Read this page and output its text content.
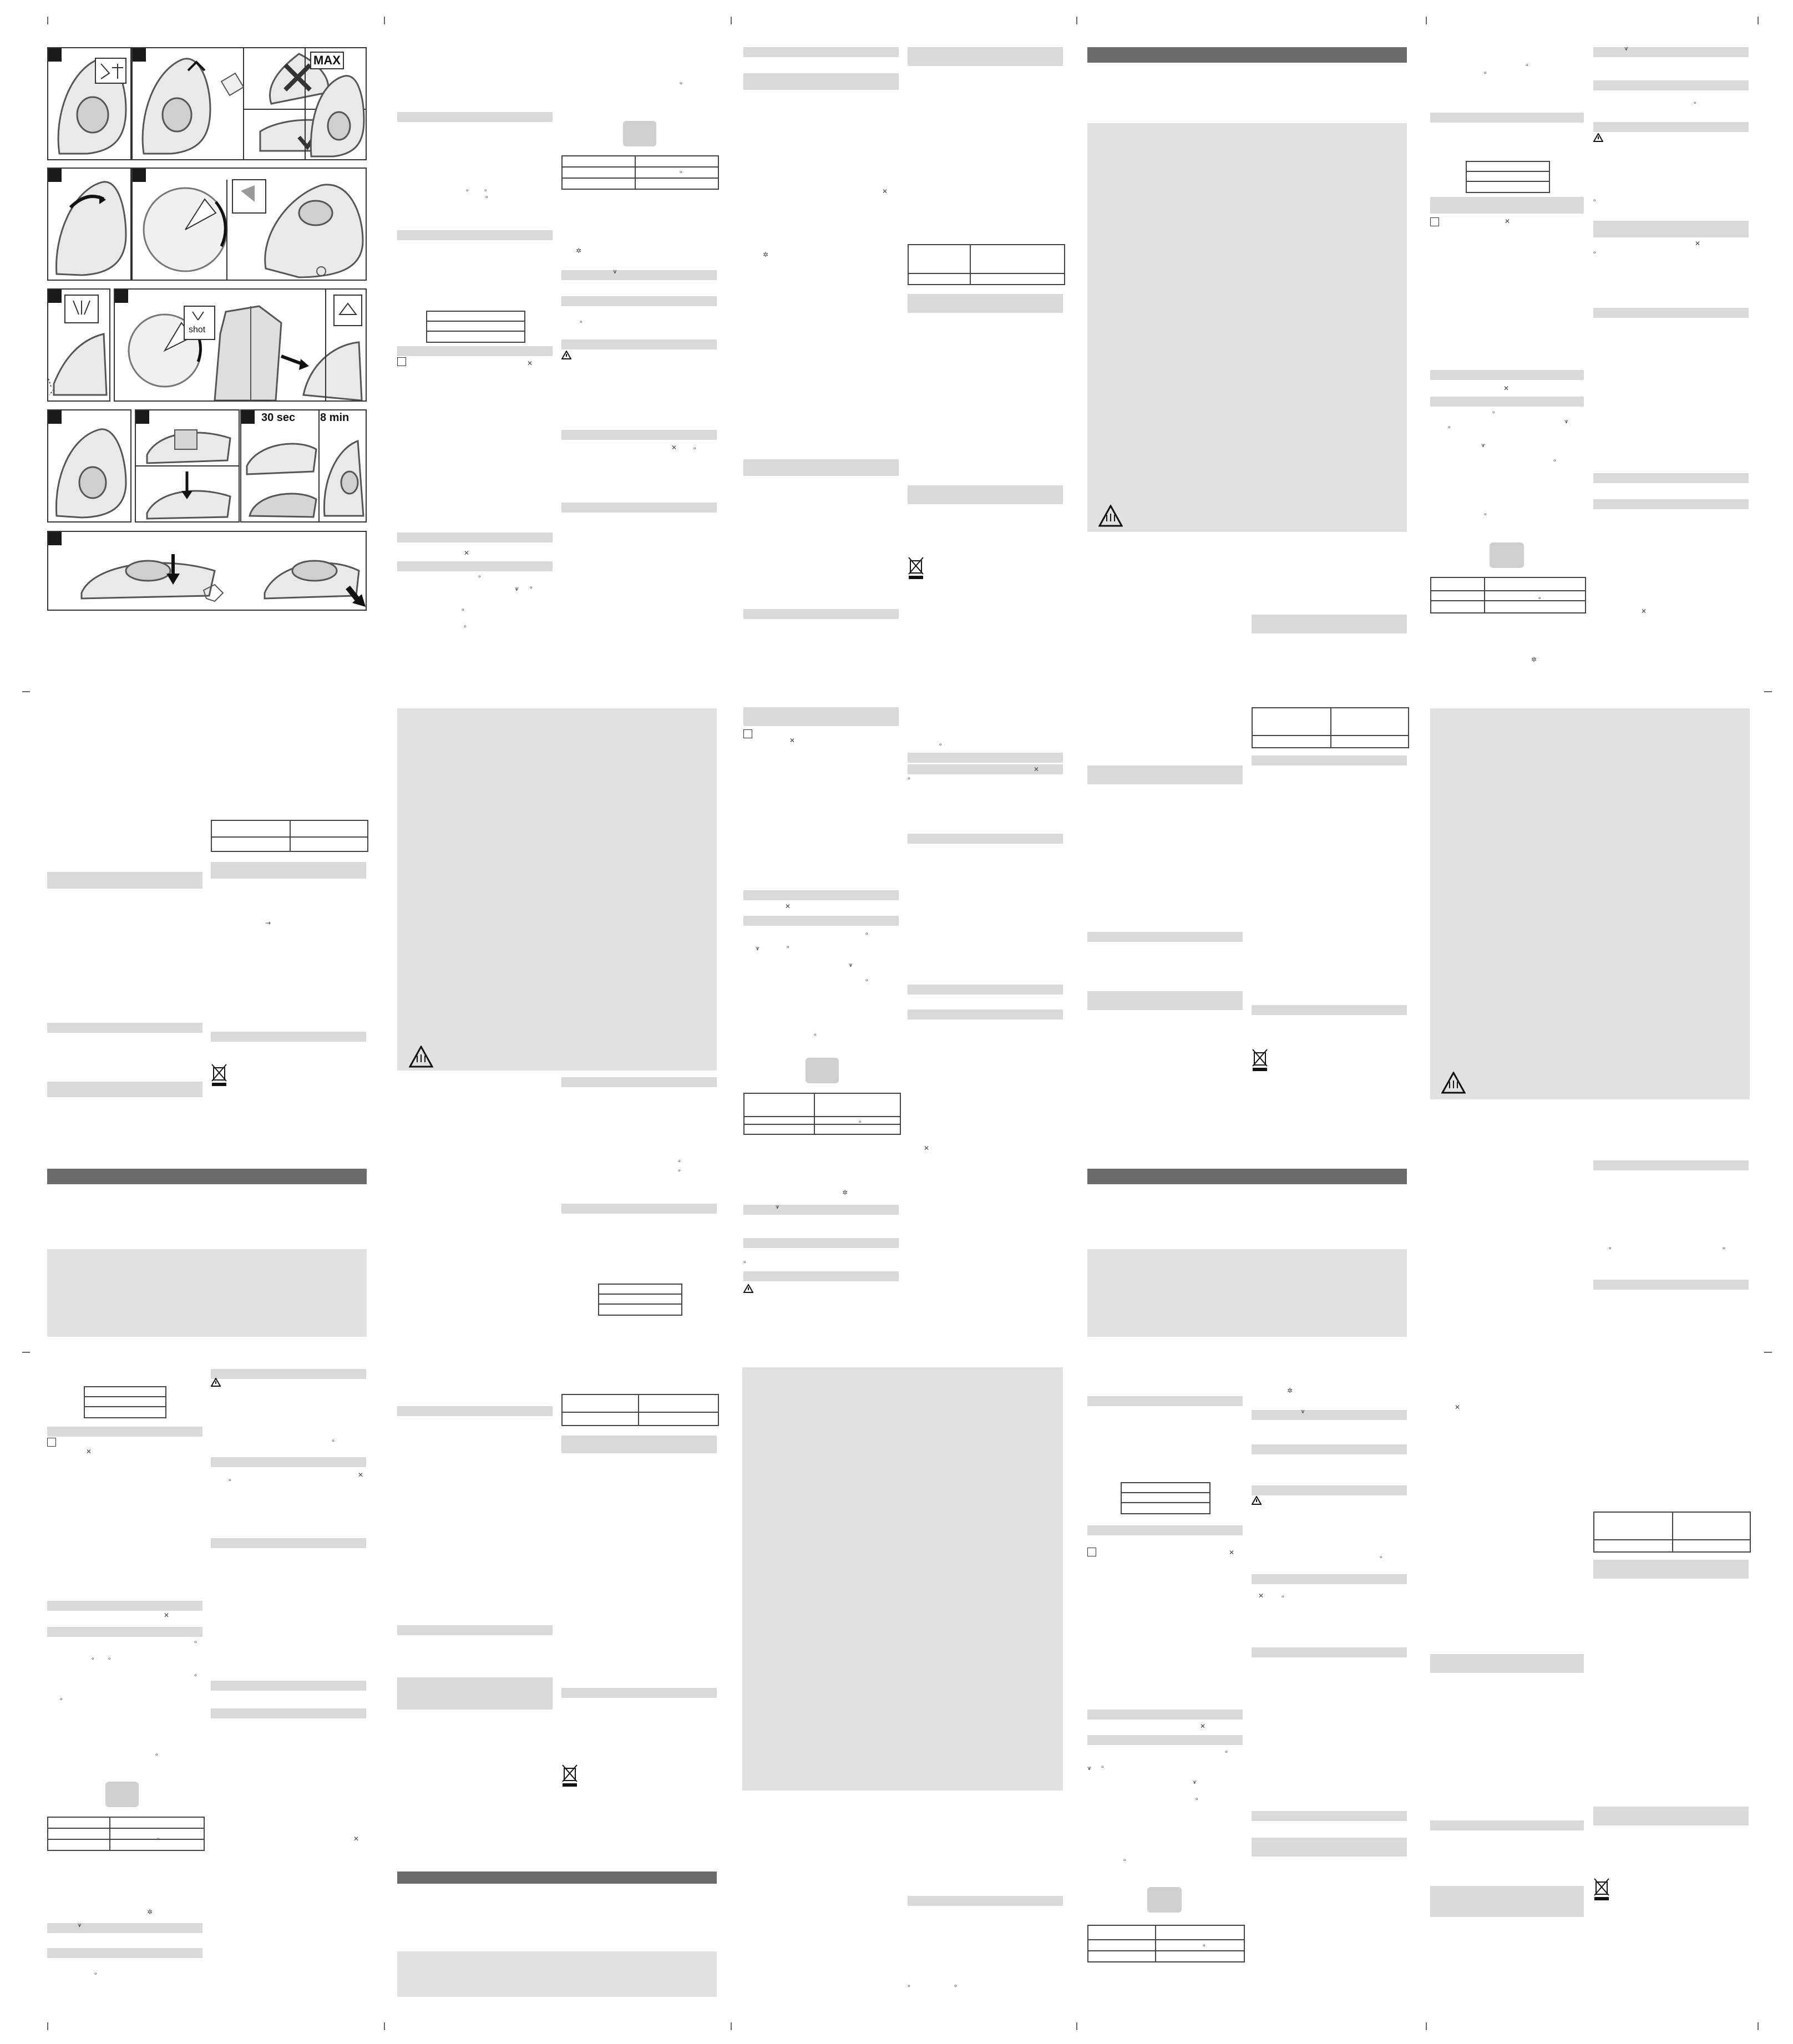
MAX
shot
30 sec 8 min
✕
✕
ᵒ
ᵒ ᵒ
ᵒ
ᵒ
ᵒ
ᵒ
✲
⩛
ᵒ
→
ᵒ
ᵒ
✕
✕
ᵒ ᵒ
ᵒ
✕
✕
ᵒ
⩛ ᵒ
ᵒ
ᵒ
ᵒ
ᵒ
✲
⩛
ᵒ
✕ ᵒ
ᵒ
ᵒ
✕
✲
✕
✕
ᵒ
⩛	ᵒ
⩛
ᵒ
ᵒ
ᵒ
✲
⩛
ᵒ
ᵒ
ᵒ
✕
✕
ᵒ	ᵒ
✕
✕
ᵒ
⩛ ᵒ
⩛
ᵒ
ᵒ
ᵒ
✲
⩛
ᵒ
✕	ᵒ
ᵒ
ᵒ
✕
✕
ᵒ
⩛
ᵒ
⩛
ᵒ
ᵒ
ᵒ
✕
✲
✕
⩛
ᵒ
ᵒ
✕
ᵒ
ᵒ	ᵒ
